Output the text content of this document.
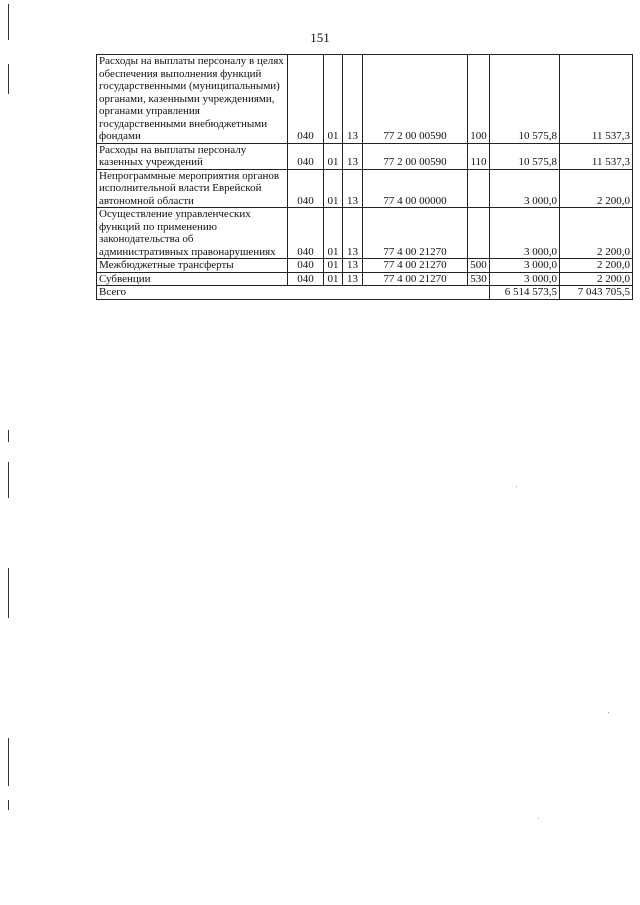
151
Расходы на выплаты персоналу в целях обеспечения выполнения функций государственными (муниципальными) органами, казенными учреждениями, органами управления государственными внебюджетными фондами	040	01	13	77 2 00 00590	100	10 575,8	11 537,3
Расходы на выплаты персоналу казенных учреждений	040	01	13	77 2 00 00590	110	10 575,8	11 537,3
Непрограммные мероприятия органов исполнительной власти Еврейской автономной области	040	01	13	77 4 00 00000		3 000,0	2 200,0
Осуществление управленческих функций по применению законодательства об административных правонарушениях	040	01	13	77 4 00 21270		3 000,0	2 200,0
Межбюджетные трансферты	040	01	13	77 4 00 21270	500	3 000,0	2 200,0
Субвенции	040	01	13	77 4 00 21270	530	3 000,0	2 200,0
Всего						6 514 573,5	7 043 705,5
